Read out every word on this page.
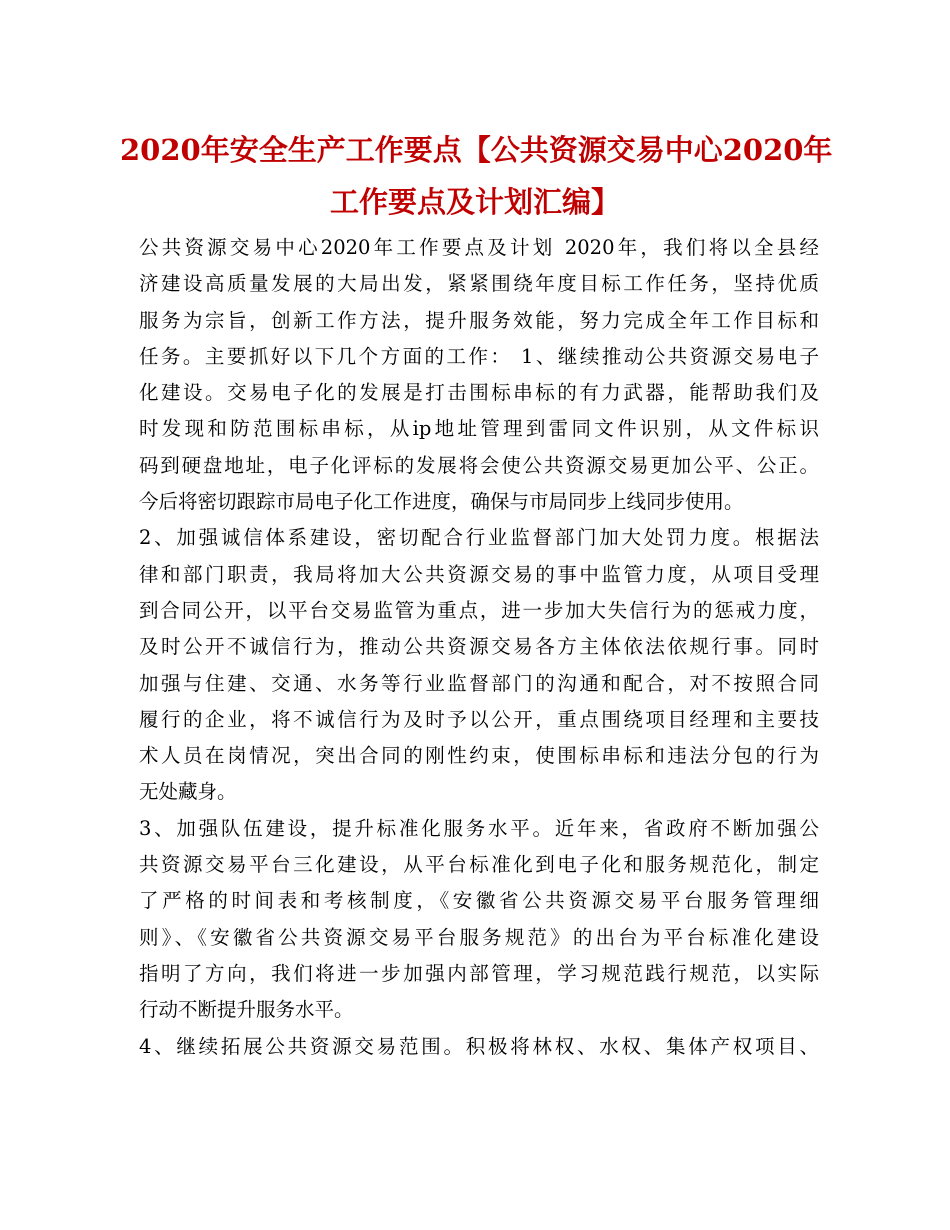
2020年安全生产工作要点【公共资源交易中心2020年
工作要点及计划汇编】
公共资源交易中心2020年工作要点及计划 2020年，我们将以全县经
济建设高质量发展的大局出发，紧紧围绕年度目标工作任务，坚持优质
服务为宗旨，创新工作方法，提升服务效能，努力完成全年工作目标和
任务。主要抓好以下几个方面的工作： 1、继续推动公共资源交易电子
化建设。交易电子化的发展是打击围标串标的有力武器，能帮助我们及
时发现和防范围标串标，从ip地址管理到雷同文件识别，从文件标识
码到硬盘地址，电子化评标的发展将会使公共资源交易更加公平、公正。
今后将密切跟踪市局电子化工作进度，确保与市局同步上线同步使用。
2、加强诚信体系建设，密切配合行业监督部门加大处罚力度。根据法
律和部门职责，我局将加大公共资源交易的事中监管力度，从项目受理
到合同公开，以平台交易监管为重点，进一步加大失信行为的惩戒力度，
及时公开不诚信行为，推动公共资源交易各方主体依法依规行事。同时
加强与住建、交通、水务等行业监督部门的沟通和配合，对不按照合同
履行的企业，将不诚信行为及时予以公开，重点围绕项目经理和主要技
术人员在岗情况，突出合同的刚性约束，使围标串标和违法分包的行为
无处藏身。
3、加强队伍建设，提升标准化服务水平。近年来，省政府不断加强公
共资源交易平台三化建设，从平台标准化到电子化和服务规范化，制定
了严格的时间表和考核制度，《安徽省公共资源交易平台服务管理细
则》、《安徽省公共资源交易平台服务规范》的出台为平台标准化建设
指明了方向，我们将进一步加强内部管理，学习规范践行规范，以实际
行动不断提升服务水平。
4、继续拓展公共资源交易范围。积极将林权、水权、集体产权项目、
